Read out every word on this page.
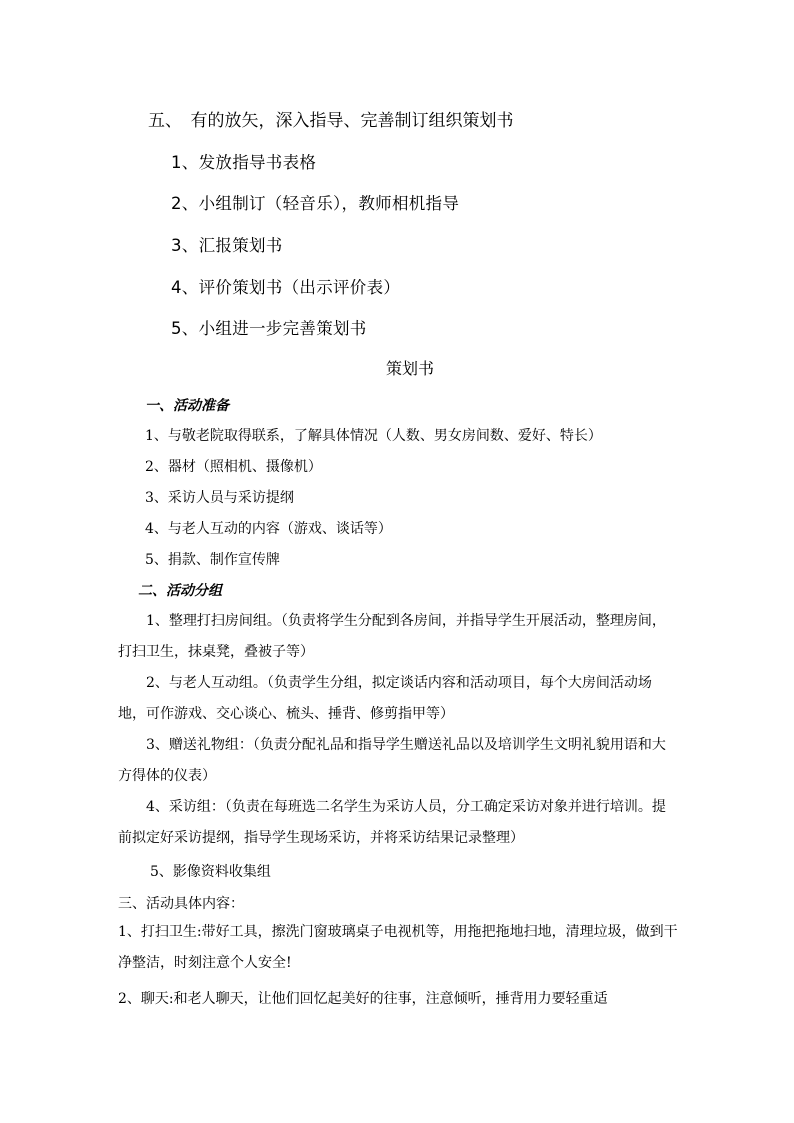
五、　有的放矢，深入指导、完善制订组织策划书
1、发放指导书表格
2、小组制订（轻音乐），教师相机指导
3、汇报策划书
4、评价策划书（出示评价表）
5、小组进一步完善策划书
策划书
一、活动准备
1、与敬老院取得联系，了解具体情况（人数、男女房间数、爱好、特长）
2、器材（照相机、摄像机）
3、采访人员与采访提纲
4、与老人互动的内容（游戏、谈话等）
5、捐款、制作宣传牌
二、活动分组
1、整理打扫房间组。（负责将学生分配到各房间，并指导学生开展活动，整理房间，打扫卫生，抹桌凳，叠被子等）
2、与老人互动组。（负责学生分组，拟定谈话内容和活动项目，每个大房间活动场地，可作游戏、交心谈心、梳头、捶背、修剪指甲等）
3、赠送礼物组：（负责分配礼品和指导学生赠送礼品以及培训学生文明礼貌用语和大方得体的仪表）
4、采访组：（负责在每班选二名学生为采访人员，分工确定采访对象并进行培训。提前拟定好采访提纲，指导学生现场采访，并将采访结果记录整理）
5、影像资料收集组
三、活动具体内容：
1、打扫卫生:带好工具，擦洗门窗玻璃桌子电视机等，用拖把拖地扫地，清理垃圾，做到干净整洁，时刻注意个人安全!
2、聊天:和老人聊天，让他们回忆起美好的往事，注意倾听，捶背用力要轻重适
